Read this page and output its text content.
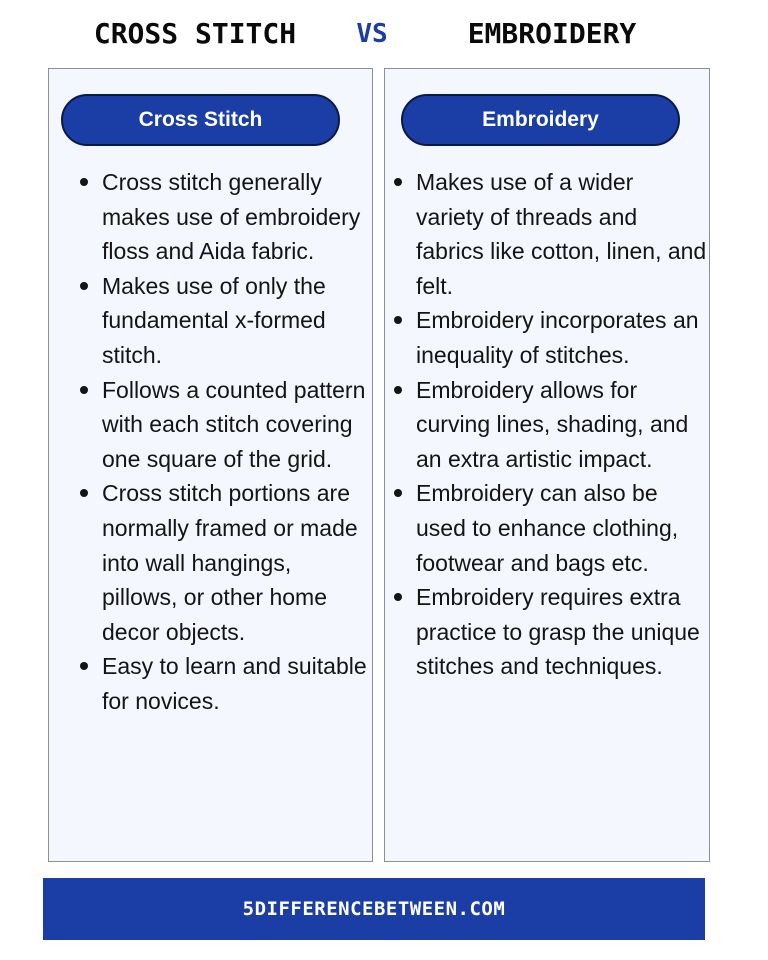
CROSS STITCH	VS	EMBROIDERY
Cross Stitch
Cross stitch generally makes use of embroidery floss and Aida fabric.
Makes use of only the fundamental x-formed stitch.
Follows a counted pattern with each stitch covering one square of the grid.
Cross stitch portions are normally framed or made into wall hangings, pillows, or other home decor objects.
Easy to learn and suitable for novices.
Embroidery
Makes use of a wider variety of threads and fabrics like cotton, linen, and felt.
Embroidery incorporates an inequality of stitches.
Embroidery allows for curving lines, shading, and an extra artistic impact.
Embroidery can also be used to enhance clothing, footwear and bags etc.
Embroidery requires extra practice to grasp the unique stitches and techniques.
5DIFFERENCEBETWEEN.COM
